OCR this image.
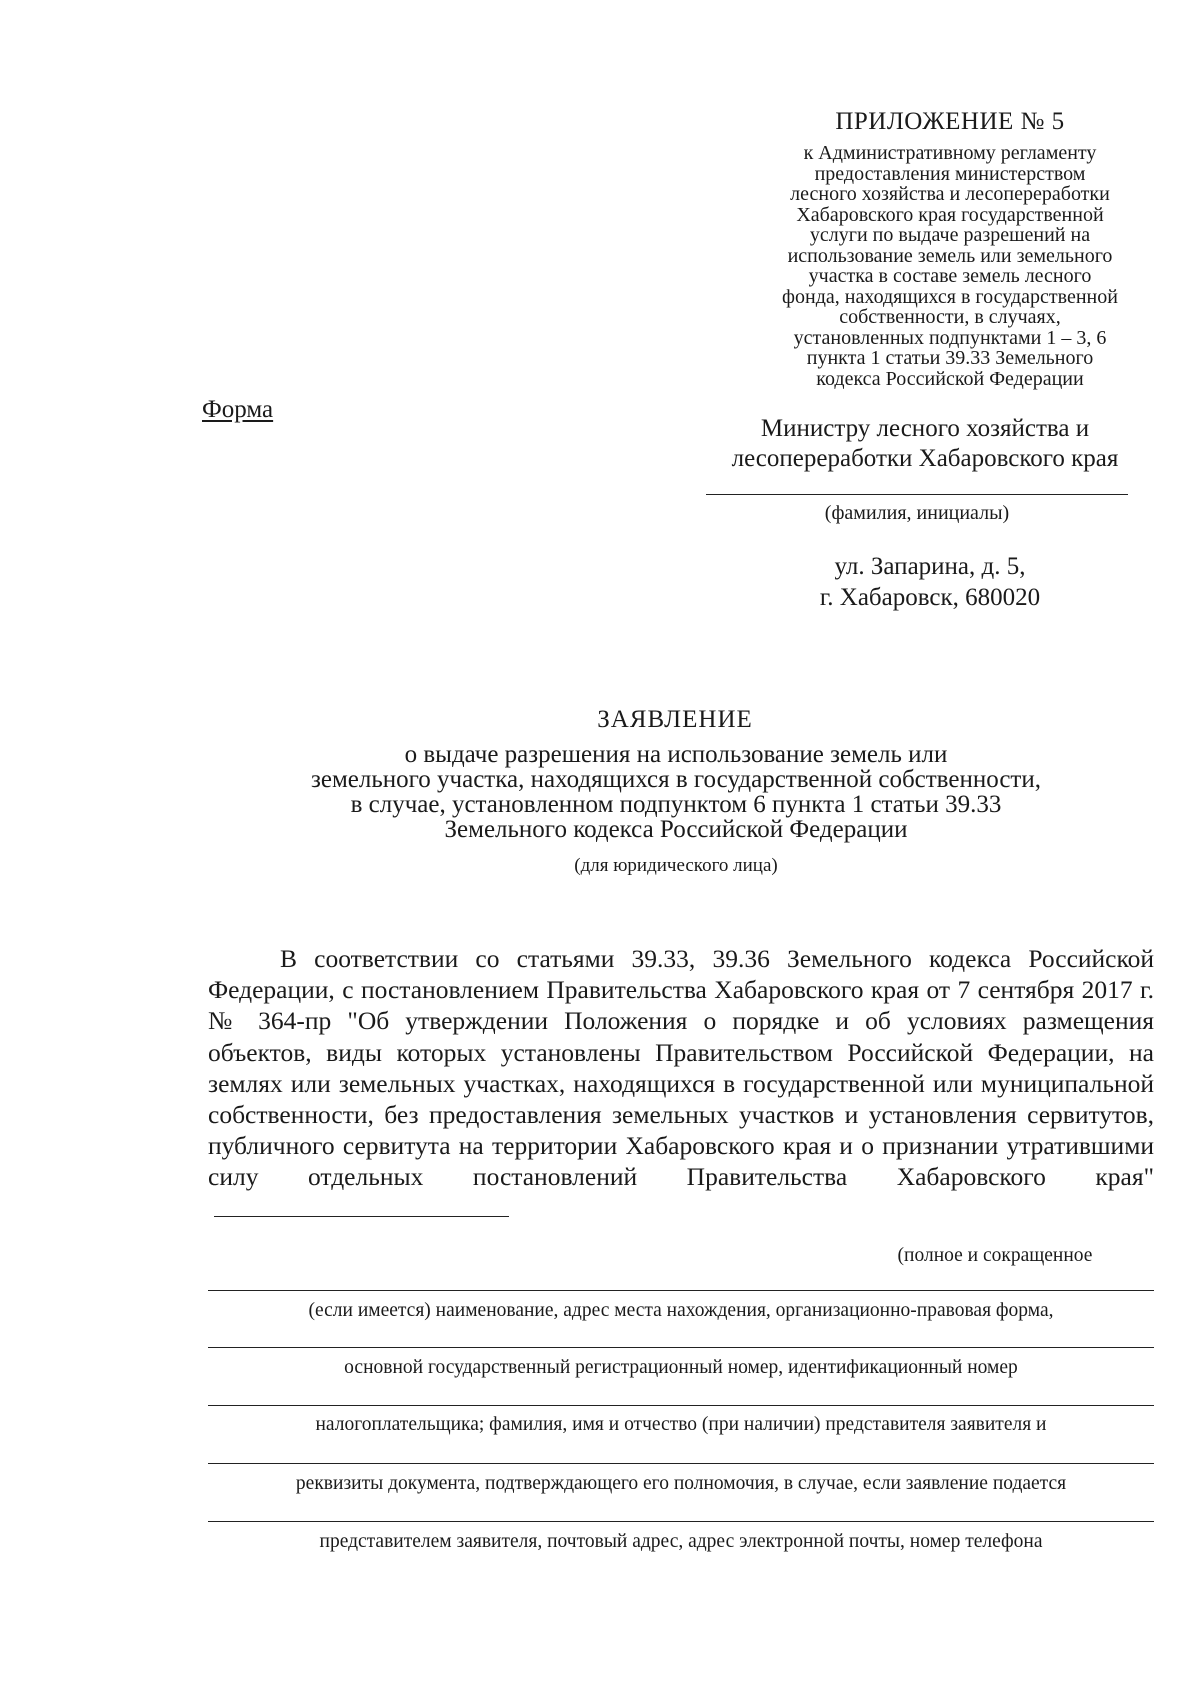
ПРИЛОЖЕНИЕ № 5
к Административному регламенту
предоставления министерством
лесного хозяйства и лесопереработки
Хабаровского края государственной
услуги по выдаче разрешений на
использование земель или земельного
участка в составе земель лесного
фонда, находящихся в государственной
собственности, в случаях,
установленных подпунктами 1 – 3, 6
пункта 1 статьи 39.33 Земельного
кодекса Российской Федерации
Форма
Министру лесного хозяйства и
лесопереработки Хабаровского края
(фамилия, инициалы)
ул. Запарина, д. 5,
г. Хабаровск, 680020
ЗАЯВЛЕНИЕ
о выдаче разрешения на использование земель или
земельного участка, находящихся в государственной собственности,
в случае, установленном подпунктом 6 пункта 1 статьи 39.33
Земельного кодекса Российской Федерации
(для юридического лица)

В соответствии со статьями 39.33, 39.36 Земельного кодекса Российской Федерации, с постановлением Правительства Хабаровского края от 7 сентября 2017 г. № 364-пр "Об утверждении Положения о порядке и об условиях размещения объектов, виды которых установлены Правительством Российской Федерации, на землях или земельных участках, находящихся в государственной или муниципальной собственности, без предоставления земельных участков и установления сервитутов, публичного сервитута на территории Хабаровского края и о признании утратившими силу отдельных постановлений Правительства Хабаровского края"

(полное и сокращенное
(если имеется) наименование, адрес места нахождения, организационно-правовая форма,
основной государственный регистрационный номер, идентификационный номер
налогоплательщика; фамилия, имя и отчество (при наличии) представителя заявителя и
реквизиты документа, подтверждающего его полномочия, в случае, если заявление подается
представителем заявителя, почтовый адрес, адрес электронной почты, номер телефона
